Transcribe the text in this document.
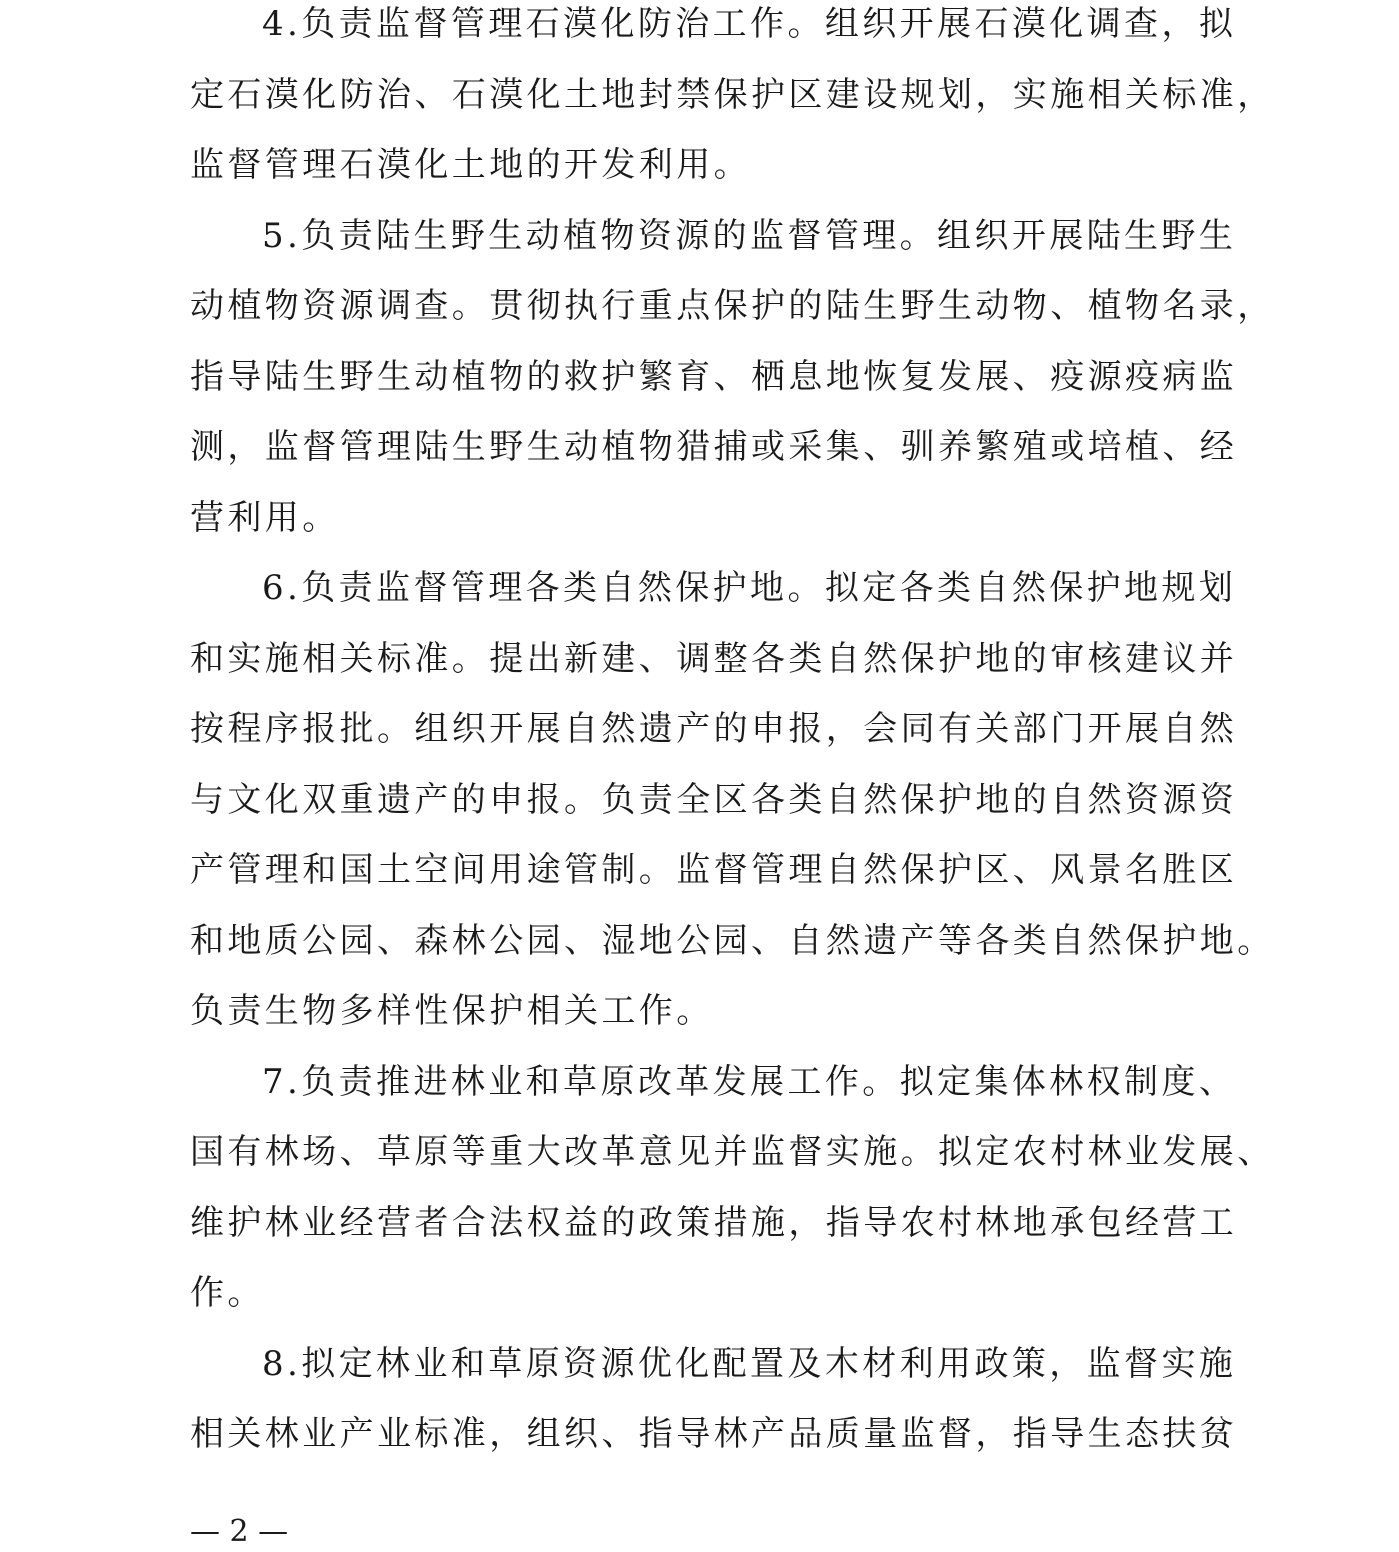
4.负责监督管理石漠化防治工作。组织开展石漠化调查，拟
定石漠化防治、石漠化土地封禁保护区建设规划，实施相关标准，
监督管理石漠化土地的开发利用。
5.负责陆生野生动植物资源的监督管理。组织开展陆生野生
动植物资源调查。贯彻执行重点保护的陆生野生动物、植物名录，
指导陆生野生动植物的救护繁育、栖息地恢复发展、疫源疫病监
测，监督管理陆生野生动植物猎捕或采集、驯养繁殖或培植、经
营利用。
6.负责监督管理各类自然保护地。拟定各类自然保护地规划
和实施相关标准。提出新建、调整各类自然保护地的审核建议并
按程序报批。组织开展自然遗产的申报，会同有关部门开展自然
与文化双重遗产的申报。负责全区各类自然保护地的自然资源资
产管理和国土空间用途管制。监督管理自然保护区、风景名胜区
和地质公园、森林公园、湿地公园、自然遗产等各类自然保护地。
负责生物多样性保护相关工作。
7.负责推进林业和草原改革发展工作。拟定集体林权制度、
国有林场、草原等重大改革意见并监督实施。拟定农村林业发展、
维护林业经营者合法权益的政策措施，指导农村林地承包经营工
作。
8.拟定林业和草原资源优化配置及木材利用政策，监督实施
相关林业产业标准，组织、指导林产品质量监督，指导生态扶贫
— 2 —
